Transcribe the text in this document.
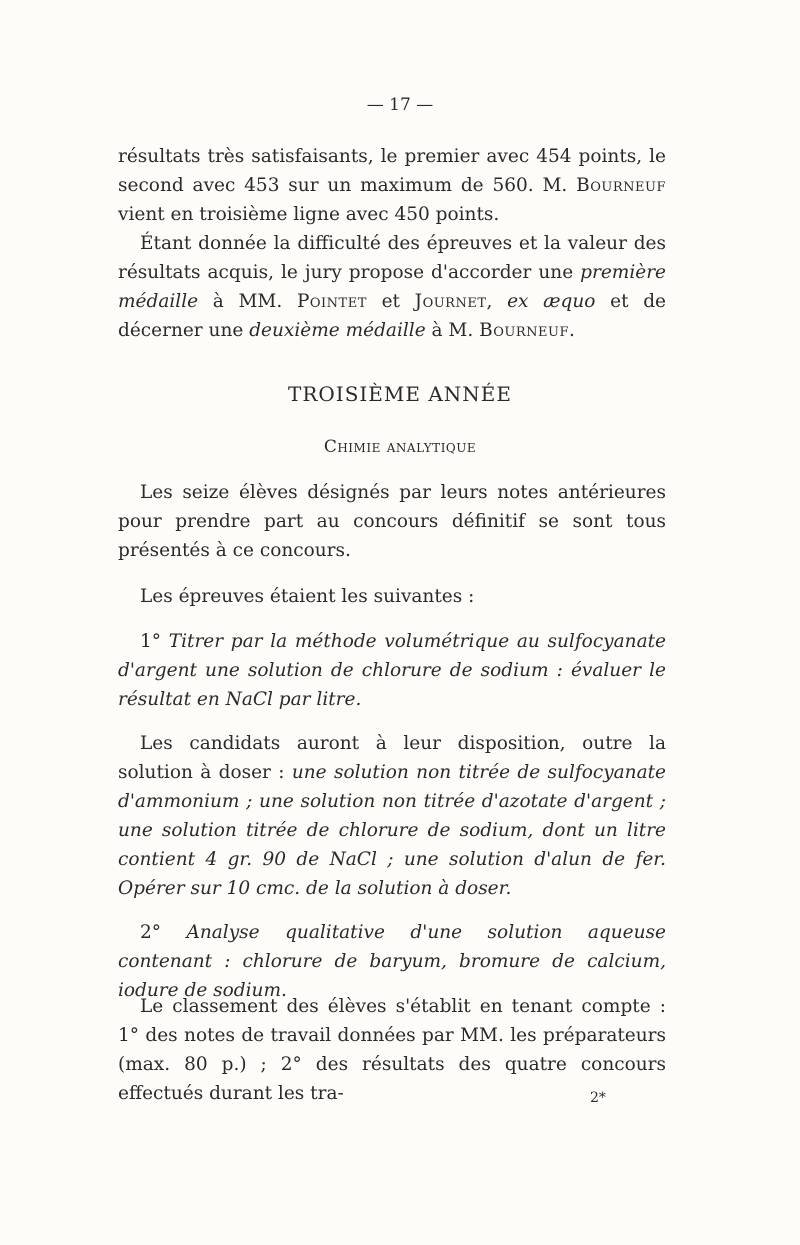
— 17 —

résultats très satisfaisants, le premier avec 454 points, le second avec 453 sur un maximum de 560. M. Bourneuf vient en troisième ligne avec 450 points.

Étant donnée la difficulté des épreuves et la valeur des résultats acquis, le jury propose d'accorder une première médaille à MM. Pointet et Journet, ex æquo et de décerner une deuxième médaille à M. Bourneuf.

TROISIÈME ANNÉE
Chimie analytique

Les seize élèves désignés par leurs notes antérieures pour prendre part au concours définitif se sont tous présentés à ce concours.

Les épreuves étaient les suivantes :

1° Titrer par la méthode volumétrique au sulfocyanate d'argent une solution de chlorure de sodium : évaluer le résultat en NaCl par litre.

Les candidats auront à leur disposition, outre la solution à doser : une solution non titrée de sulfocyanate d'ammonium ; une solution non titrée d'azotate d'argent ; une solution titrée de chlorure de sodium, dont un litre contient 4 gr. 90 de NaCl ; une solution d'alun de fer. Opérer sur 10 cmc. de la solution à doser.

2° Analyse qualitative d'une solution aqueuse contenant : chlorure de baryum, bromure de calcium, iodure de sodium.

Le classement des élèves s'établit en tenant compte : 1° des notes de travail données par MM. les préparateurs (max. 80 p.) ; 2° des résultats des quatre concours effectués durant les tra-	2*
